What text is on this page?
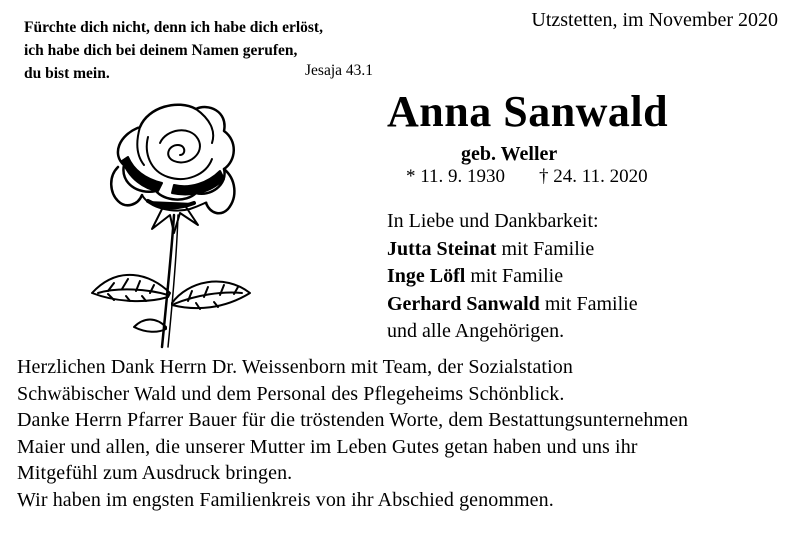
Fürchte dich nicht, denn ich habe dich erlöst,
ich habe dich bei deinem Namen gerufen,
du bist mein.	Jesaja 43.1
Utzstetten, im November 2020
Anna Sanwald
geb. Weller
* 11. 9. 1930 † 24. 11. 2020
In Liebe und Dankbarkeit:
Jutta Steinat mit Familie
Inge Löfl mit Familie
Gerhard Sanwald mit Familie
und alle Angehörigen.
Herzlichen Dank Herrn Dr. Weissenborn mit Team, der Sozialstation
Schwäbischer Wald und dem Personal des Pflegeheims Schönblick.
Danke Herrn Pfarrer Bauer für die tröstenden Worte, dem Bestattungsunternehmen
Maier und allen, die unserer Mutter im Leben Gutes getan haben und uns ihr
Mitgefühl zum Ausdruck bringen.
Wir haben im engsten Familienkreis von ihr Abschied genommen.
